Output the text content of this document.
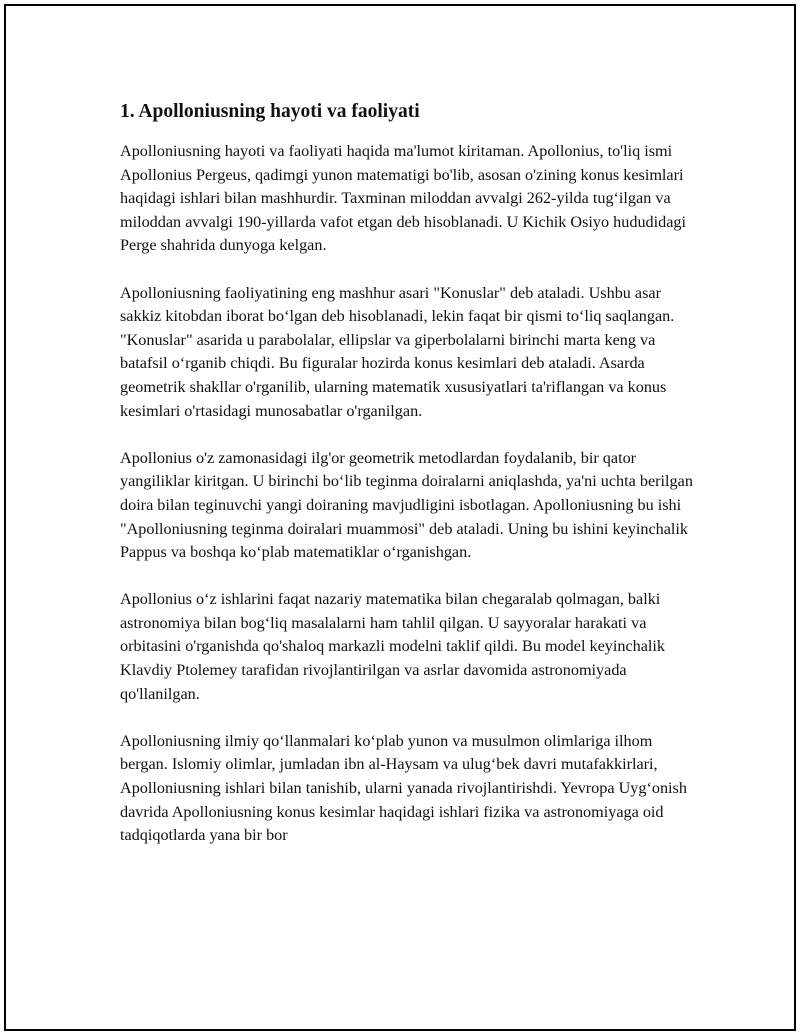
1. Apolloniusning hayoti va faoliyati

Apolloniusning hayoti va faoliyati haqida ma'lumot kiritaman. Apollonius, to'liq ismi Apollonius Pergeus, qadimgi yunon matematigi bo'lib, asosan o'zining konus kesimlari haqidagi ishlari bilan mashhurdir. Taxminan miloddan avvalgi 262-yilda tug‘ilgan va miloddan avvalgi 190-yillarda vafot etgan deb hisoblanadi. U Kichik Osiyo hududidagi Perge shahrida dunyoga kelgan.

Apolloniusning faoliyatining eng mashhur asari "Konuslar" deb ataladi. Ushbu asar sakkiz kitobdan iborat bo‘lgan deb hisoblanadi, lekin faqat bir qismi to‘liq saqlangan. "Konuslar" asarida u parabolalar, ellipslar va giperbolalarni birinchi marta keng va batafsil o‘rganib chiqdi. Bu figuralar hozirda konus kesimlari deb ataladi. Asarda geometrik shakllar o'rganilib, ularning matematik xususiyatlari ta'riflangan va konus kesimlari o'rtasidagi munosabatlar o'rganilgan.

Apollonius o'z zamonasidagi ilg'or geometrik metodlardan foydalanib, bir qator yangiliklar kiritgan. U birinchi bo‘lib teginma doiralarni aniqlashda, ya'ni uchta berilgan doira bilan teginuvchi yangi doiraning mavjudligini isbotlagan. Apolloniusning bu ishi "Apolloniusning teginma doiralari muammosi" deb ataladi. Uning bu ishini keyinchalik Pappus va boshqa ko‘plab matematiklar o‘rganishgan.

Apollonius o‘z ishlarini faqat nazariy matematika bilan chegaralab qolmagan, balki astronomiya bilan bog‘liq masalalarni ham tahlil qilgan. U sayyoralar harakati va orbitasini o'rganishda qo'shaloq markazli modelni taklif qildi. Bu model keyinchalik Klavdiy Ptolemey tarafidan rivojlantirilgan va asrlar davomida astronomiyada qo'llanilgan.

Apolloniusning ilmiy qo‘llanmalari ko‘plab yunon va musulmon olimlariga ilhom bergan. Islomiy olimlar, jumladan ibn al-Haysam va ulug‘bek davri mutafakkirlari, Apolloniusning ishlari bilan tanishib, ularni yanada rivojlantirishdi. Yevropa Uyg‘onish davrida Apolloniusning konus kesimlar haqidagi ishlari fizika va astronomiyaga oid tadqiqotlarda yana bir bor
